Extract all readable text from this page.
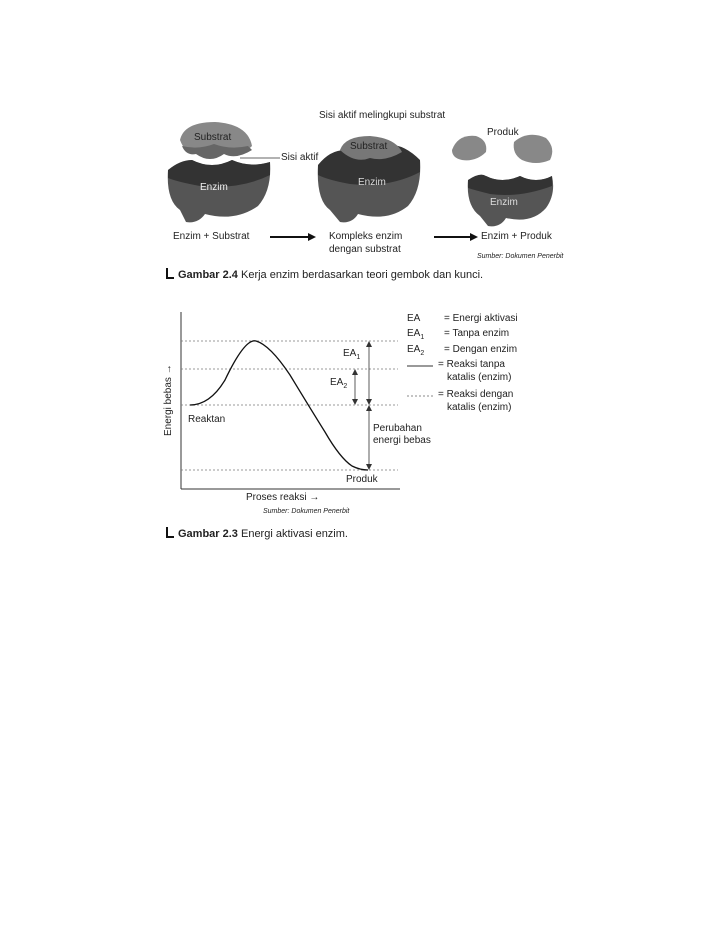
Sisi aktif melingkupi substrat
Substrat
Sisi aktif
Enzim
Substrat
Enzim
Produk
Enzim
Enzim + Substrat	Kompleks enzim
dengan substrat
Enzim + Produk
Sumber: Dokumen Penerbit
Gambar 2.4 Kerja enzim berdasarkan teori gembok dan kunci.
Energi bebas →
Proses reaksi →
Reaktan
Produk
$EA_1$
$EA_2$
Perubahan
energi bebas
Sumber: Dokumen Penerbit
EA = Energi aktivasi
$EA_1$ = Tanpa enzim
$EA_2$ = Dengan enzim
= Reaksi tanpa
katalis (enzim)
= Reaksi dengan
katalis (enzim)
Gambar 2.3 Energi aktivasi enzim.
